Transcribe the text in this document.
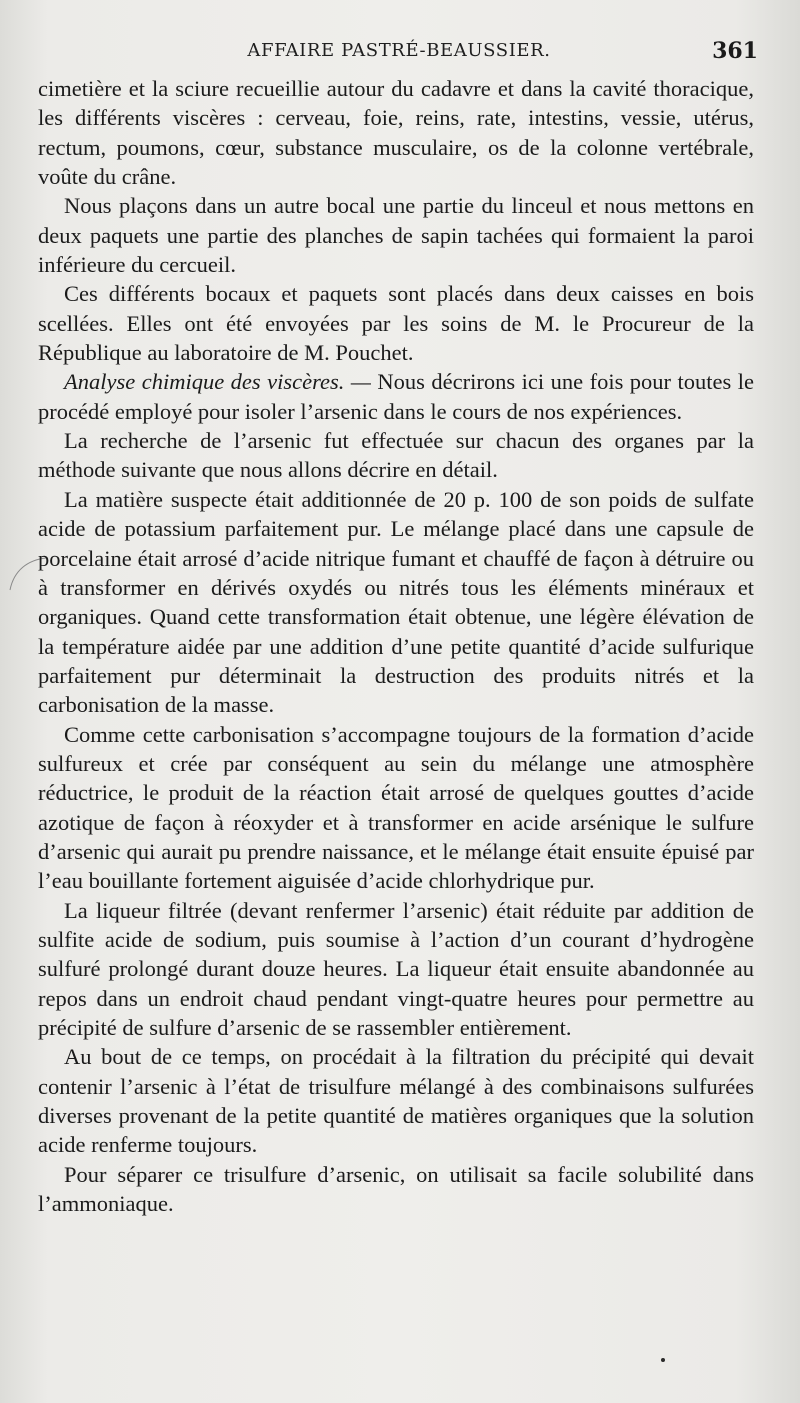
AFFAIRE PASTRÉ-BEAUSSIER.	361

cimetière et la sciure recueillie autour du cadavre et dans la cavité thoracique, les différents viscères : cerveau, foie, reins, rate, intestins, vessie, utérus, rectum, poumons, cœur, substance musculaire, os de la colonne vertébrale, voûte du crâne.

Nous plaçons dans un autre bocal une partie du linceul et nous mettons en deux paquets une partie des planches de sapin tachées qui formaient la paroi inférieure du cercueil.

Ces différents bocaux et paquets sont placés dans deux caisses en bois scellées. Elles ont été envoyées par les soins de M. le Procureur de la République au laboratoire de M. Pouchet.

Analyse chimique des viscères. — Nous décrirons ici une fois pour toutes le procédé employé pour isoler l’arsenic dans le cours de nos expériences.

La recherche de l’arsenic fut effectuée sur chacun des organes par la méthode suivante que nous allons décrire en détail.

La matière suspecte était additionnée de 20 p. 100 de son poids de sulfate acide de potassium parfaitement pur. Le mélange placé dans une capsule de porcelaine était arrosé d’acide nitrique fumant et chauffé de façon à détruire ou à transformer en dérivés oxydés ou nitrés tous les éléments minéraux et organiques. Quand cette transformation était obtenue, une légère élévation de la température aidée par une addition d’une petite quantité d’acide sulfurique parfaitement pur déterminait la destruction des produits nitrés et la carbonisation de la masse.

Comme cette carbonisation s’accompagne toujours de la formation d’acide sulfureux et crée par conséquent au sein du mélange une atmosphère réductrice, le produit de la réaction était arrosé de quelques gouttes d’acide azotique de façon à réoxyder et à transformer en acide arsénique le sulfure d’arsenic qui aurait pu prendre naissance, et le mélange était ensuite épuisé par l’eau bouillante fortement aiguisée d’acide chlorhydrique pur.

La liqueur filtrée (devant renfermer l’arsenic) était réduite par addition de sulfite acide de sodium, puis soumise à l’action d’un courant d’hydrogène sulfuré prolongé durant douze heures. La liqueur était ensuite abandonnée au repos dans un endroit chaud pendant vingt-quatre heures pour permettre au précipité de sulfure d’arsenic de se rassembler entièrement.

Au bout de ce temps, on procédait à la filtration du précipité qui devait contenir l’arsenic à l’état de trisulfure mélangé à des combinaisons sulfurées diverses provenant de la petite quantité de matières organiques que la solution acide renferme toujours.

Pour séparer ce trisulfure d’arsenic, on utilisait sa facile solubilité dans l’ammoniaque.
